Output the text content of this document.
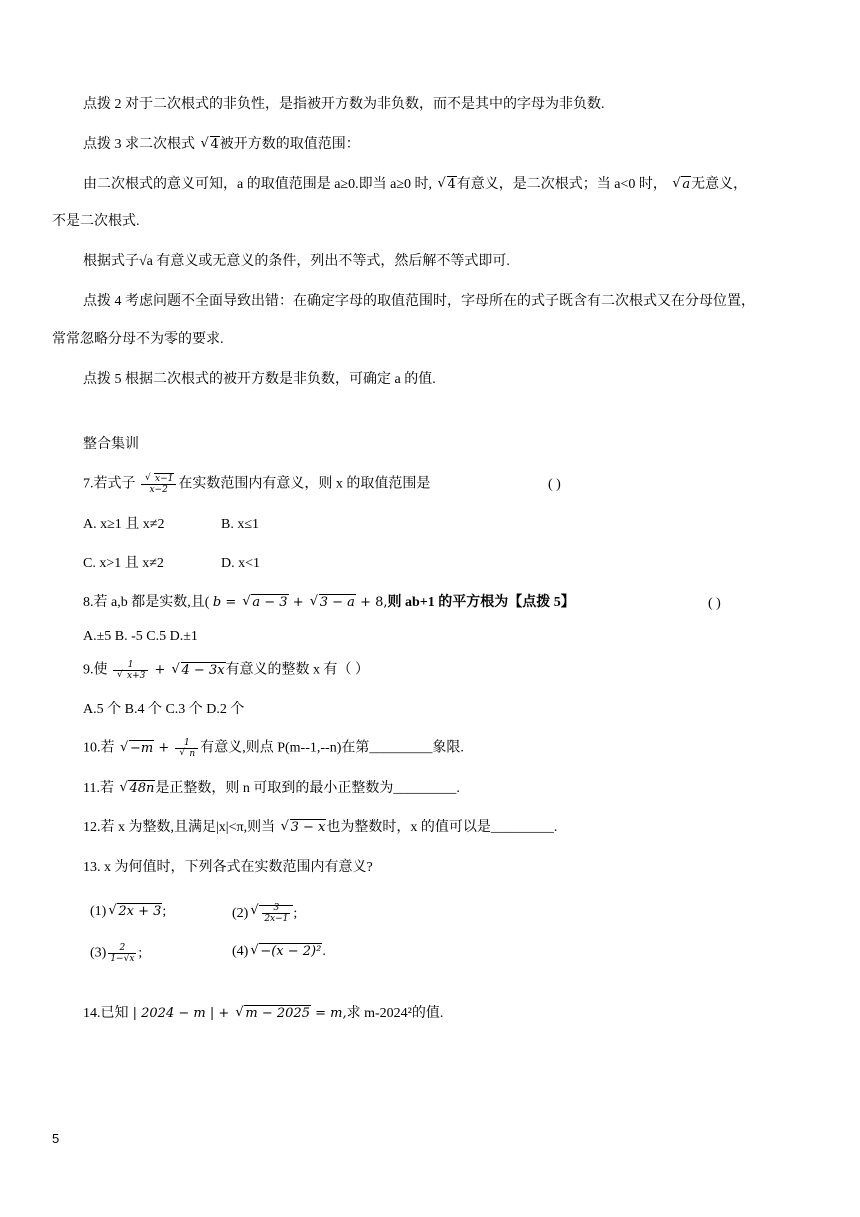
点拨 2 对于二次根式的非负性，是指被开方数为非负数，而不是其中的字母为非负数.
点拨 3 求二次根式 √ 4被开方数的取值范围：
由二次根式的意义可知，a 的取值范围是 a≥0.即当 a≥0 时, √ 4有意义，是二次根式；当 a<0 时， √ a无意义，
不是二次根式.
根据式子√a 有意义或无意义的条件，列出不等式，然后解不等式即可.
点拨 4 考虑问题不全面导致出错：在确定字母的取值范围时，字母所在的式子既含有二次根式又在分母位置，
常常忽略分母不为零的要求.
点拨 5 根据二次根式的被开方数是非负数，可确定 a 的值.
整合集训
7.若式子 √ $\frac{x-1}{x-2}$ 在实数范围内有意义，则 x 的取值范围是	( )
A. x≥1 且 x≠2	B. x≤1
C. x>1 且 x≠2	D. x<1
8.若 a,b 都是实数,且( b = √ a − 3 + √ 3 − a + 8,则 ab+1 的平方根为【点拨 5】	( )
A.±5 B. -5 C.5 D.±1
9.使 1
√ x+3 + √ 4 − 3x有意义的整数 x 有（ ）
A.5 个 B.4 个 C.3 个 D.2 个
10.若 √ −m + 1
√ n 有意义,则点 P(m--1,--n)在第_________象限.
11.若 √ 48n是正整数，则 n 可取到的最小正整数为_________.
12.若 x 为整数,且满足|x|<π,则当 √ 3 − x也为整数时，x 的值可以是_________.
13. x 为何值时，下列各式在实数范围内有意义?
(1) √ 2x + 3;	(2) √ $\frac{3}{2x-1}$ ;
$(3) \frac{2}{1-√x}$ ;	(4) √ −(x − 2)².
14.已知 | 2024 − m | + √ m − 2025 = m,求 m-2024²的值.
5
